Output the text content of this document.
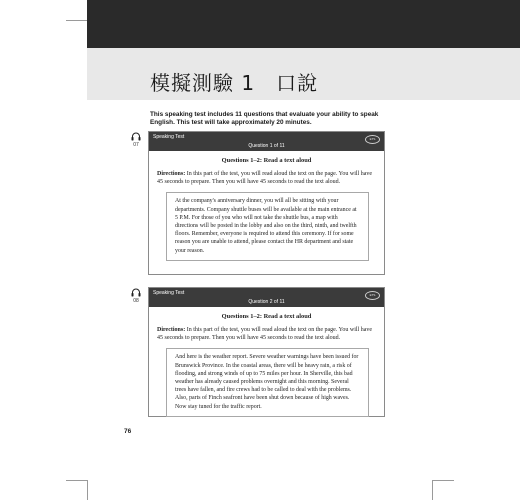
模擬測驗 1　口說
This speaking test includes 11 questions that evaluate your ability to speak English. This test will take approximately 20 minutes.
07
Speaking Test
Question 1 of 11
ETS
Questions 1–2: Read a text aloud
Directions: In this part of the test, you will read aloud the text on the page. You will have 45 seconds to prepare. Then you will have 45 seconds to read the text aloud.
At the company's anniversary dinner, you will all be sitting with your departments. Company shuttle buses will be available at the main entrance at 5 P.M. For those of you who will not take the shuttle bus, a map with directions will be posted in the lobby and also on the third, ninth, and twelfth floors. Remember, everyone is required to attend this ceremony. If for some reason you are unable to attend, please contact the HR department and state your reason.
08
Speaking Test
Question 2 of 11
ETS
Questions 1–2: Read a text aloud
Directions: In this part of the test, you will read aloud the text on the page. You will have 45 seconds to prepare. Then you will have 45 seconds to read the text aloud.
And here is the weather report. Severe weather warnings have been issued for Brunswick Province. In the coastal areas, there will be heavy rain, a risk of flooding, and strong winds of up to 75 miles per hour. In Sherville, this bad weather has already caused problems overnight and this morning. Several trees have fallen, and fire crews had to be called to deal with the problems. Also, parts of Finch seafront have been shut down because of high waves. Now stay tuned for the traffic report.
76
